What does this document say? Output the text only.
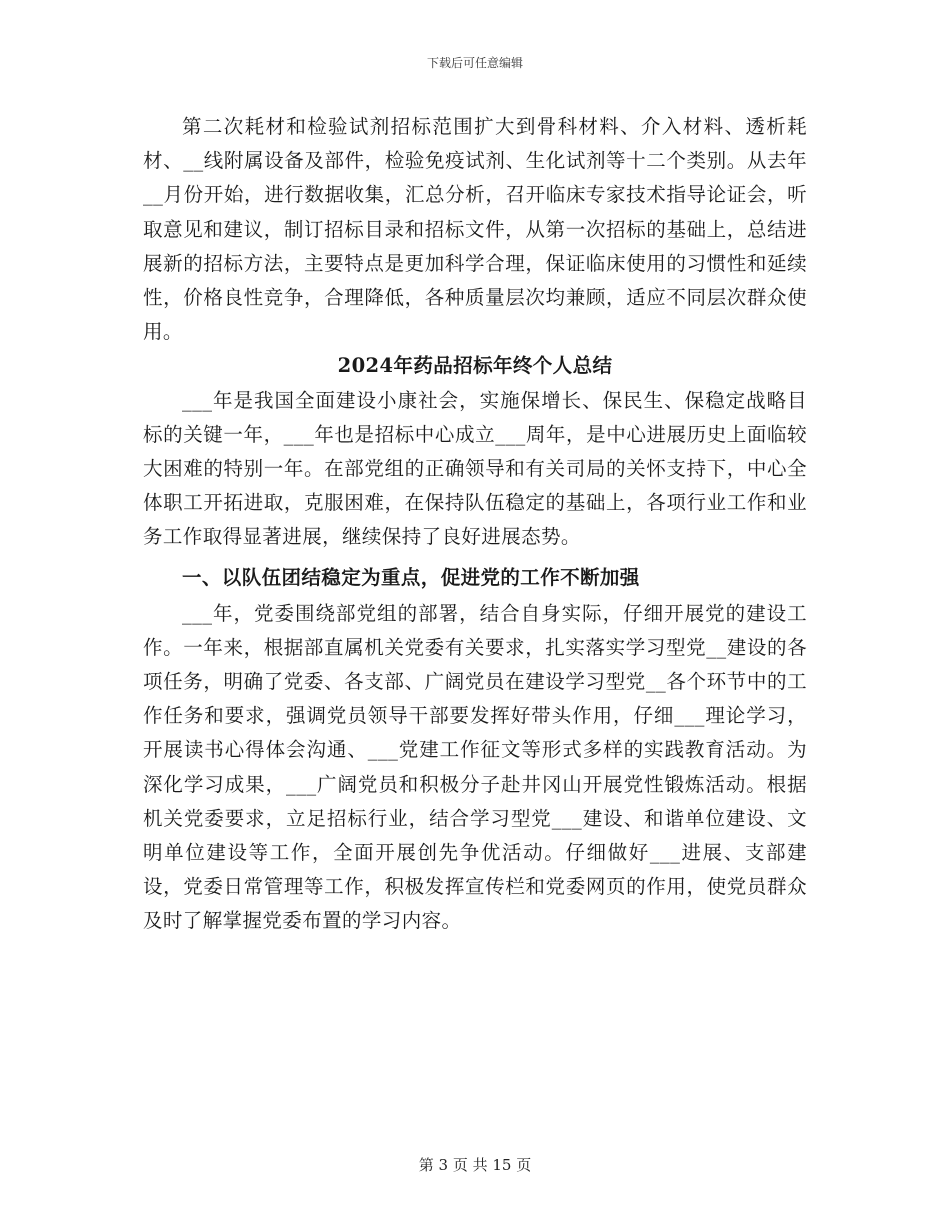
下载后可任意编辑

第二次耗材和检验试剂招标范围扩大到骨科材料、介入材料、透析耗材、__线附属设备及部件，检验免疫试剂、生化试剂等十二个类别。从去年__月份开始，进行数据收集，汇总分析，召开临床专家技术指导论证会，听取意见和建议，制订招标目录和招标文件，从第一次招标的基础上，总结进展新的招标方法，主要特点是更加科学合理，保证临床使用的习惯性和延续性，价格良性竞争，合理降低，各种质量层次均兼顾，适应不同层次群众使用。

2024年药品招标年终个人总结

___年是我国全面建设小康社会，实施保增长、保民生、保稳定战略目标的关键一年，___年也是招标中心成立___周年，是中心进展历史上面临较大困难的特别一年。在部党组的正确领导和有关司局的关怀支持下，中心全体职工开拓进取，克服困难，在保持队伍稳定的基础上，各项行业工作和业务工作取得显著进展，继续保持了良好进展态势。

一、以队伍团结稳定为重点，促进党的工作不断加强

___年，党委围绕部党组的部署，结合自身实际，仔细开展党的建设工作。一年来，根据部直属机关党委有关要求，扎实落实学习型党__建设的各项任务，明确了党委、各支部、广阔党员在建设学习型党__各个环节中的工作任务和要求，强调党员领导干部要发挥好带头作用，仔细___理论学习，开展读书心得体会沟通、___党建工作征文等形式多样的实践教育活动。为深化学习成果，___广阔党员和积极分子赴井冈山开展党性锻炼活动。根据机关党委要求，立足招标行业，结合学习型党___建设、和谐单位建设、文明单位建设等工作，全面开展创先争优活动。仔细做好___进展、支部建设，党委日常管理等工作，积极发挥宣传栏和党委网页的作用，使党员群众及时了解掌握党委布置的学习内容。

第 3 页 共 15 页
